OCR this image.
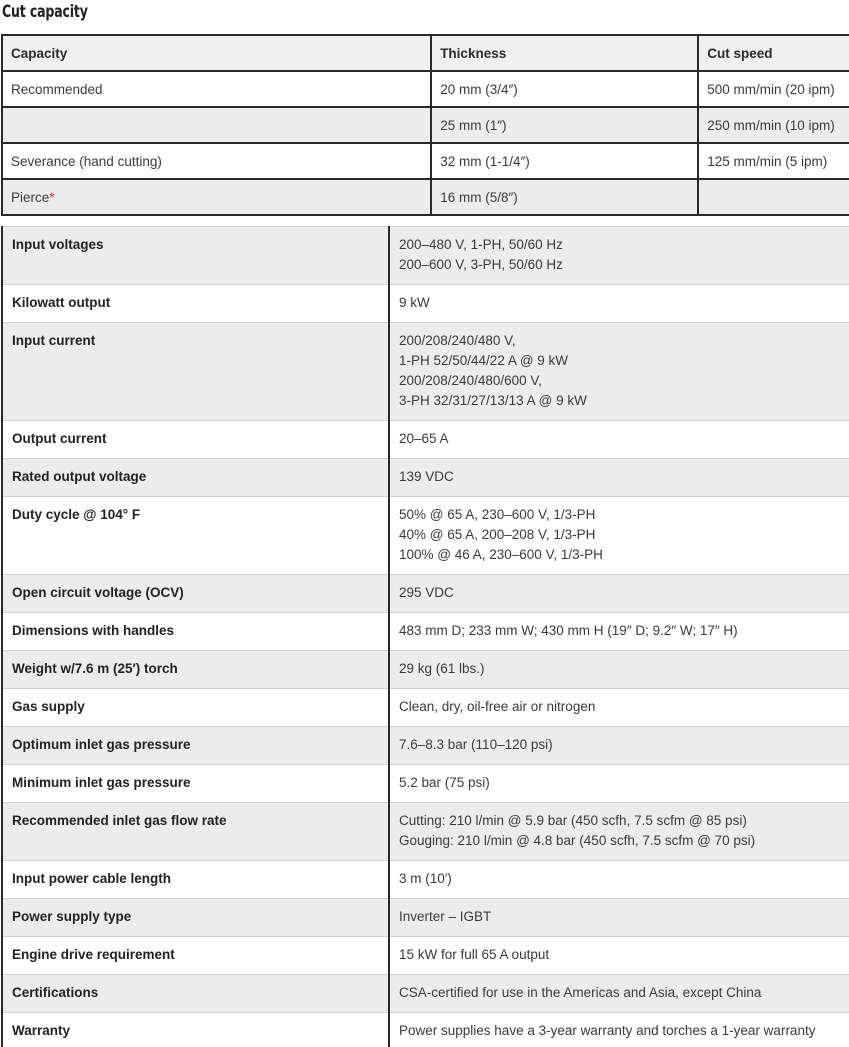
Cut capacity
Capacity	Thickness	Cut speed
Recommended	20 mm (3/4″)	500 mm/min (20 ipm)
	25 mm (1″)	250 mm/min (10 ipm)
Severance (hand cutting)	32 mm (1-1/4″)	125 mm/min (5 ipm)
Pierce*	16 mm (5/8″)	
Input voltages	200–480 V, 1-PH, 50/60 Hz
200–600 V, 3-PH, 50/60 Hz

Kilowatt output	9 kW

Input current	200/208/240/480 V,
1-PH 52/50/44/22 A @ 9 kW
200/208/240/480/600 V,
3-PH 32/31/27/13/13 A @ 9 kW

Output current	20–65 A

Rated output voltage	139 VDC

Duty cycle @ 104° F	50% @ 65 A, 230–600 V, 1/3-PH
40% @ 65 A, 200–208 V, 1/3-PH
100% @ 46 A, 230–600 V, 1/3-PH

Open circuit voltage (OCV)	295 VDC

Dimensions with handles	483 mm D; 233 mm W; 430 mm H (19″ D; 9.2″ W; 17″ H)

Weight w/7.6 m (25′) torch	29 kg (61 lbs.)

Gas supply	Clean, dry, oil-free air or nitrogen

Optimum inlet gas pressure	7.6–8.3 bar (110–120 psi)

Minimum inlet gas pressure	5.2 bar (75 psi)

Recommended inlet gas flow rate	Cutting: 210 l/min @ 5.9 bar (450 scfh, 7.5 scfm @ 85 psi)
Gouging: 210 l/min @ 4.8 bar (450 scfh, 7.5 scfm @ 70 psi)

Input power cable length	3 m (10′)

Power supply type	Inverter – IGBT

Engine drive requirement	15 kW for full 65 A output

Certifications	CSA-certified for use in the Americas and Asia, except China

Warranty	Power supplies have a 3-year warranty and torches a 1-year warranty
